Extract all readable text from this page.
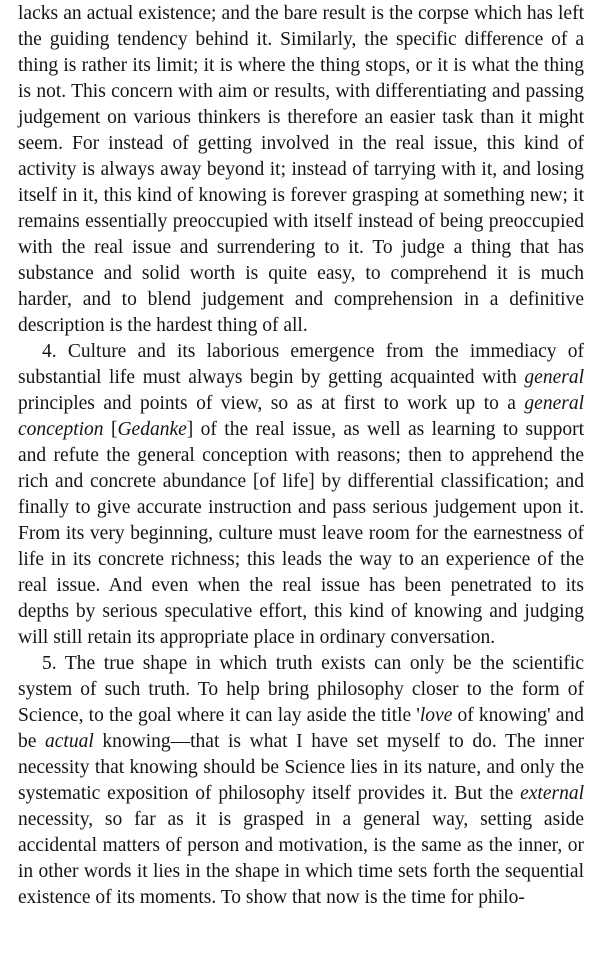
lacks an actual existence; and the bare result is the corpse which has left the guiding tendency behind it. Similarly, the specific difference of a thing is rather its limit; it is where the thing stops, or it is what the thing is not. This concern with aim or results, with differentiating and passing judgement on various thinkers is therefore an easier task than it might seem. For instead of getting involved in the real issue, this kind of activity is always away beyond it; instead of tarrying with it, and losing itself in it, this kind of knowing is forever grasping at something new; it remains essentially preoccupied with itself instead of being preoccupied with the real issue and surrendering to it. To judge a thing that has substance and solid worth is quite easy, to comprehend it is much harder, and to blend judgement and comprehension in a definitive description is the hardest thing of all.

4. Culture and its laborious emergence from the immediacy of substantial life must always begin by getting acquainted with general principles and points of view, so as at first to work up to a general conception [Gedanke] of the real issue, as well as learning to support and refute the general conception with reasons; then to apprehend the rich and concrete abundance [of life] by differential classification; and finally to give accurate instruction and pass serious judgement upon it. From its very beginning, culture must leave room for the earnestness of life in its concrete richness; this leads the way to an experience of the real issue. And even when the real issue has been penetrated to its depths by serious speculative effort, this kind of knowing and judging will still retain its appropriate place in ordinary conversation.

5. The true shape in which truth exists can only be the scientific system of such truth. To help bring philosophy closer to the form of Science, to the goal where it can lay aside the title 'love of knowing' and be actual knowing—that is what I have set myself to do. The inner necessity that knowing should be Science lies in its nature, and only the systematic exposition of philosophy itself provides it. But the external necessity, so far as it is grasped in a general way, setting aside accidental matters of person and motivation, is the same as the inner, or in other words it lies in the shape in which time sets forth the sequential existence of its moments. To show that now is the time for philo-
